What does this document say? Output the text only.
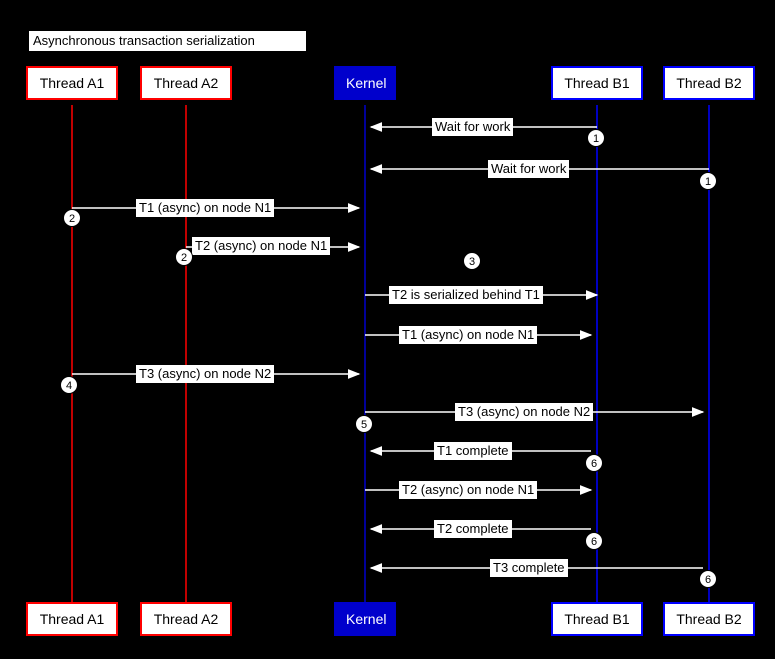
Asynchronous transaction serialization
Thread A1	Thread A2	Kernel	Thread B1	Thread B2
Thread A1	Thread A2	Kernel	Thread B1	Thread B2
Wait for work
Wait for work
T1 (async) on node N1
T2 (async) on node N1
T2 is serialized behind T1
T1 (async) on node N1
T3 (async) on node N2
T3 (async) on node N2
T1 complete
T2 (async) on node N1
T2 complete
T3 complete
1
1
2
2	3
4
5
6
6
6
